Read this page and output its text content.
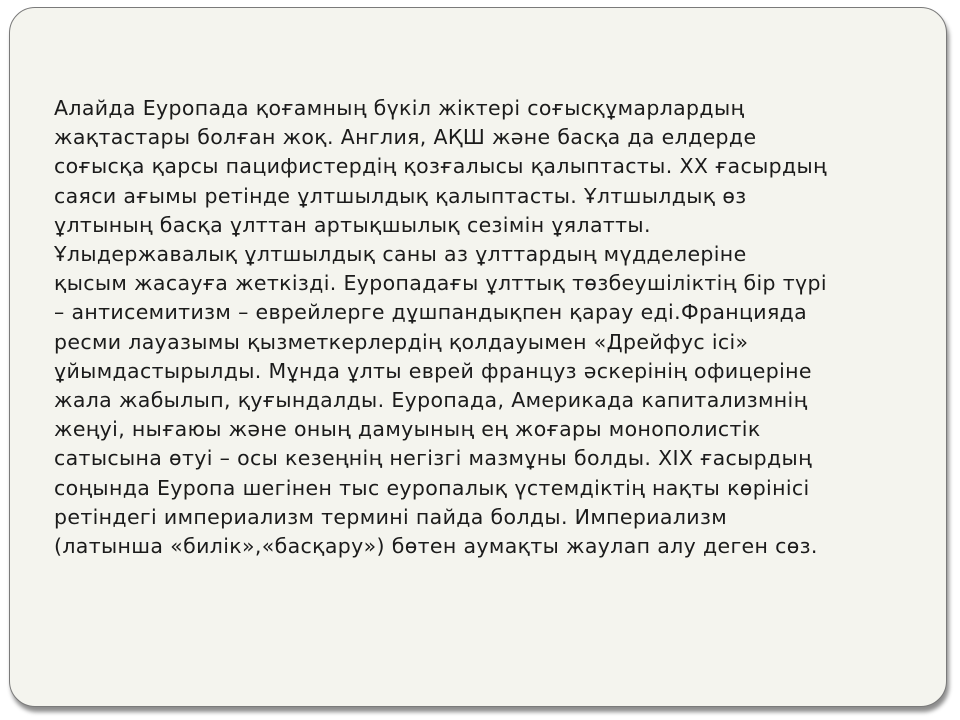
Алайда Еуропада қоғамның бүкіл жіктері соғысқұмарлардың
жақтастары болған жоқ. Англия, АҚШ және басқа да елдерде
соғысқа қарсы пацифистердің қозғалысы қалыптасты. ХХ ғасырдың
саяси ағымы ретінде ұлтшылдық қалыптасты. Ұлтшылдық өз
ұлтының басқа ұлттан артықшылық сезімін ұялатты.
Ұлыдержавалық ұлтшылдық саны аз ұлттардың мүдделеріне
қысым жасауға жеткізді. Еуропадағы ұлттық төзбеушіліктің бір түрі
– антисемитизм – еврейлерге дұшпандықпен қарау еді.Францияда
ресми лауазымы қызметкерлердің қолдауымен «Дрейфус ісі»
ұйымдастырылды. Мұнда ұлты еврей француз әскерінің офицеріне
жала жабылып, қуғындалды. Еуропада, Америкада капитализмнің
жеңуі, нығаюы және оның дамуының ең жоғары монополистік
сатысына өтуі – осы кезеңнің негізгі мазмұны болды. ХIХ ғасырдың
соңында Еуропа шегінен тыс еуропалық үстемдіктің нақты көрінісі
ретіндегі империализм термині пайда болды. Империализм
(латынша «билік»,«басқару») бөтен аумақты жаулап алу деген сөз.
